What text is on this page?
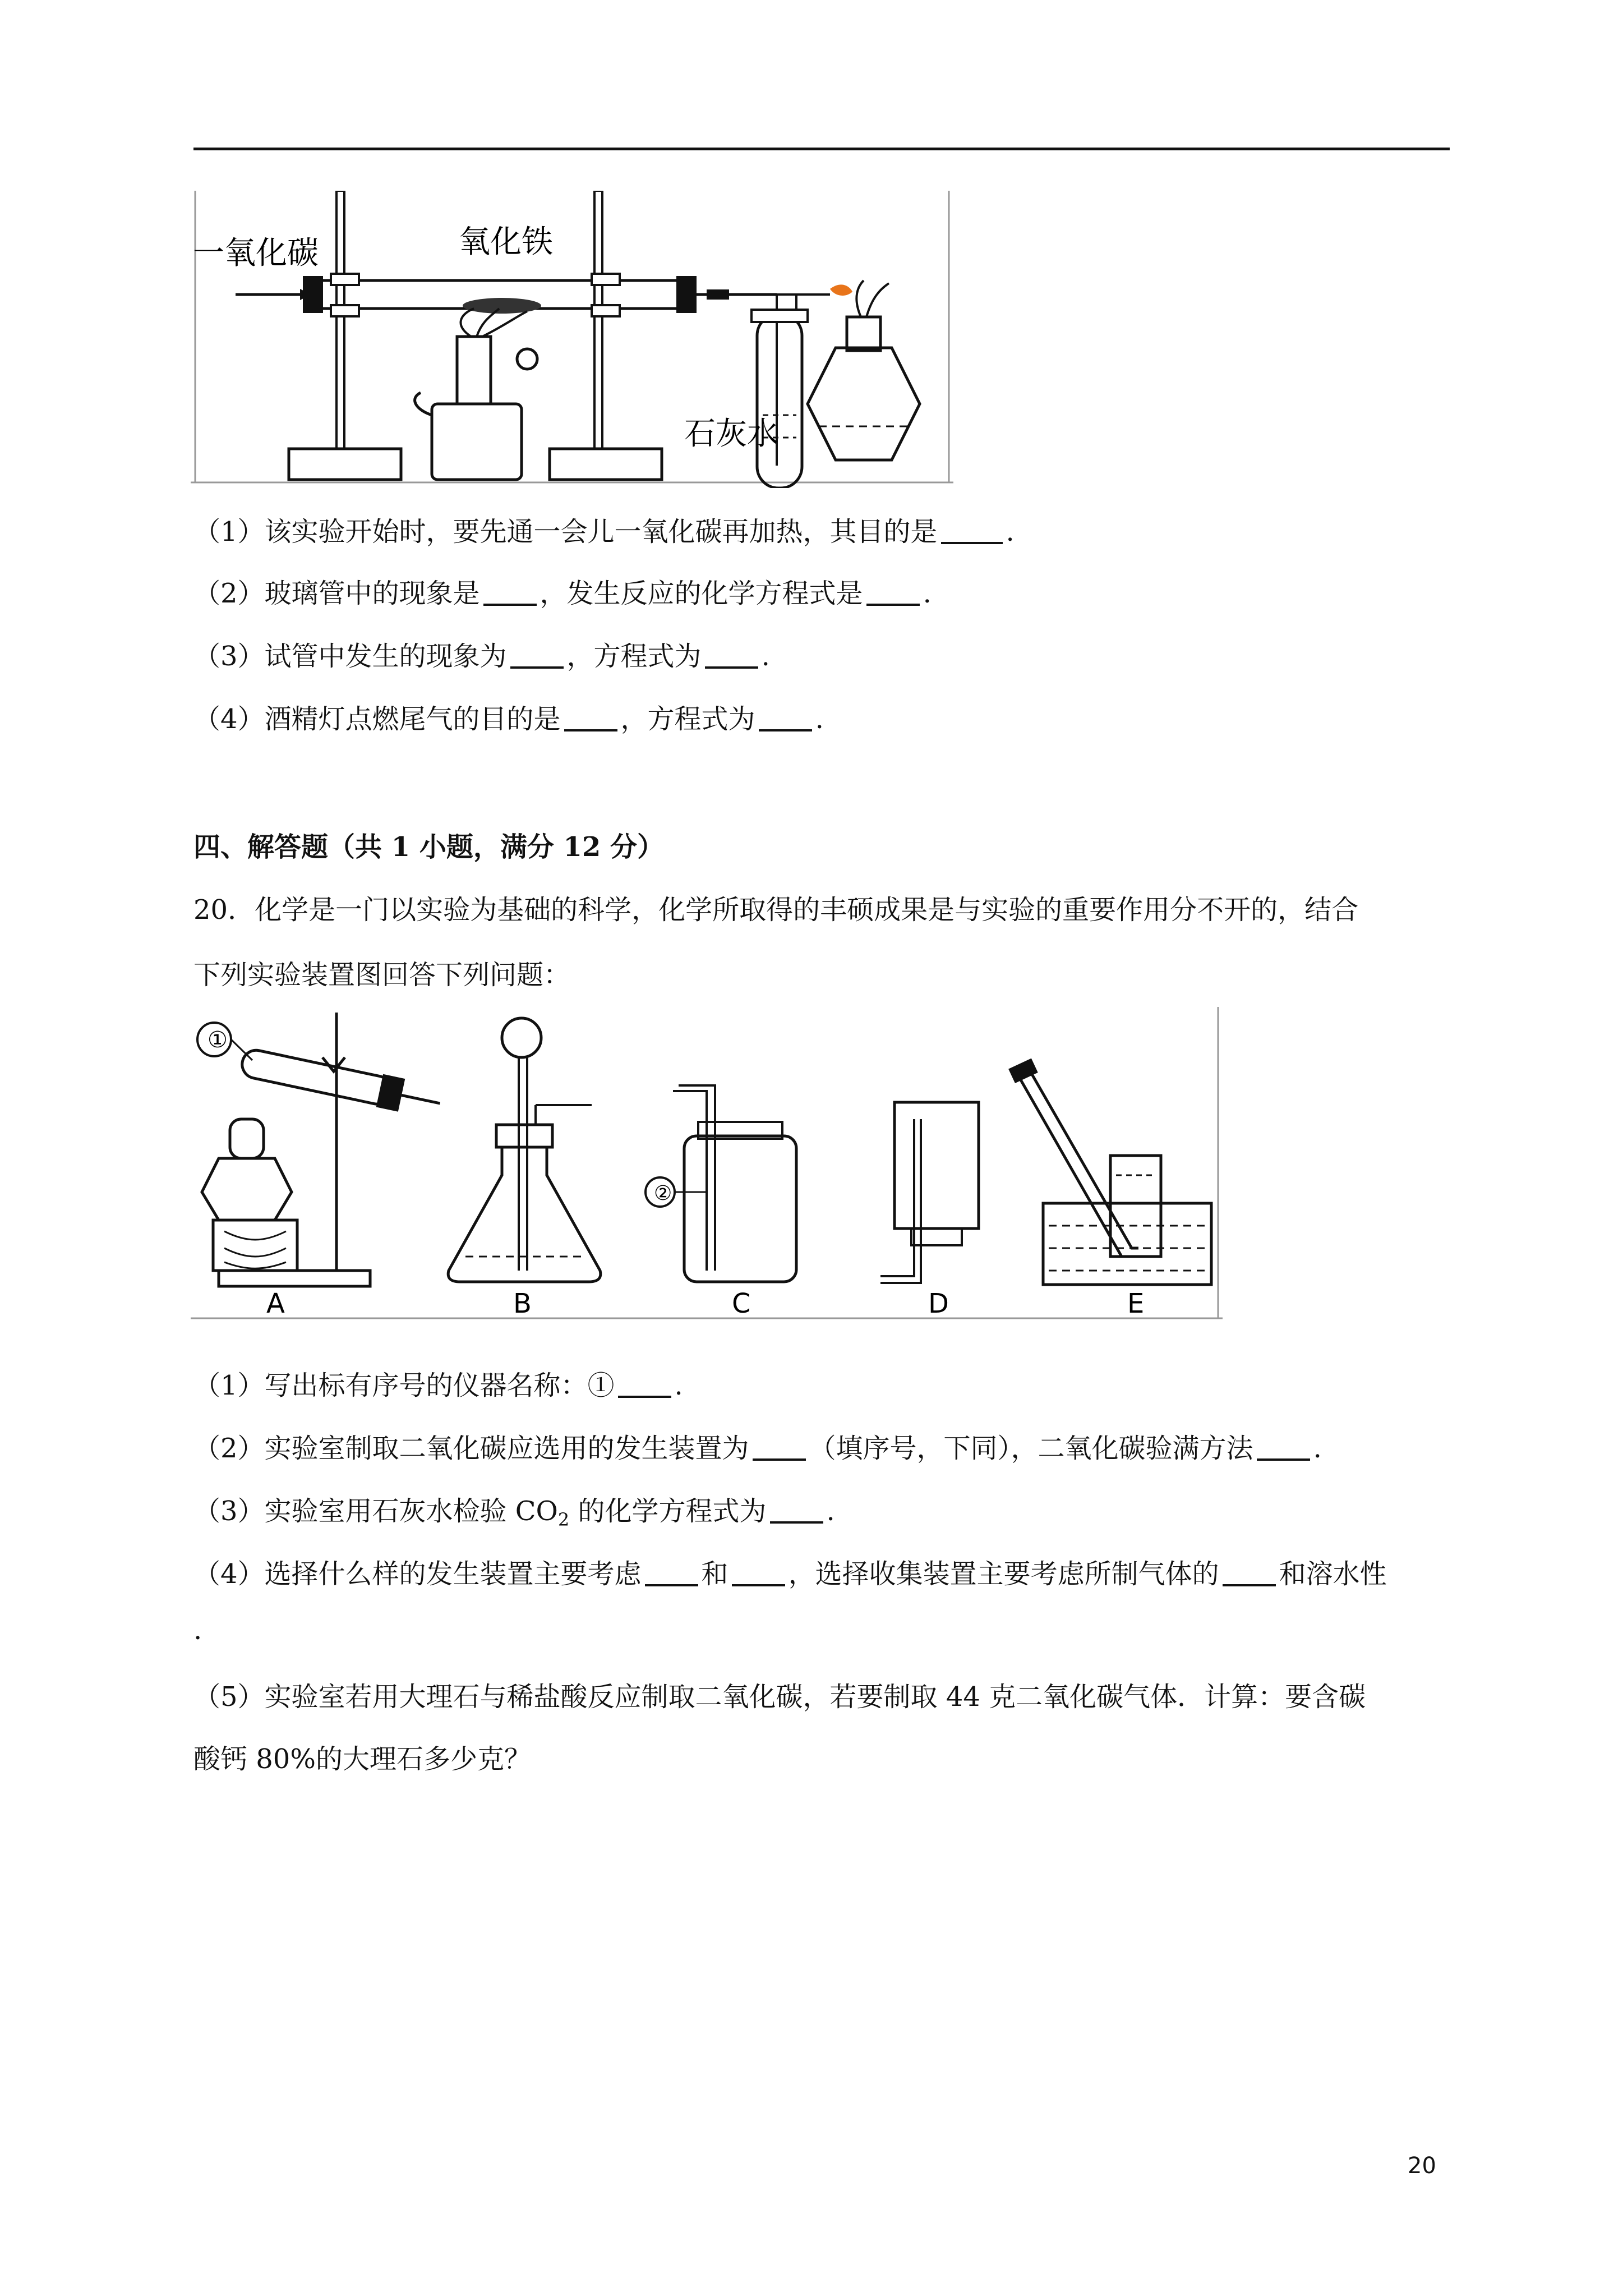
一氧化碳	氧化铁
石灰水
（1）该实验开始时，要先通一会儿一氧化碳再加热，其目的是	.
（2）玻璃管中的现象是 ，发生反应的化学方程式是 .
（3）试管中发生的现象为 ，方程式为 .
（4）酒精灯点燃尾气的目的是 ，方程式为 .
四、解答题（共 1 小题，满分 12 分）
20．化学是一门以实验为基础的科学，化学所取得的丰硕成果是与实验的重要作用分不开的，结合
下列实验装置图回答下列问题：
①
②
A	B	C	D	E
（1）写出标有序号的仪器名称：① .
（2）实验室制取二氧化碳应选用的发生装置为 （填序号，下同），二氧化碳验满方法 .
（3）实验室用石灰水检验 $CO_2$ 的化学方程式为 .
（4）选择什么样的发生装置主要考虑 和 ，选择收集装置主要考虑所制气体的 和溶水性
.
（5）实验室若用大理石与稀盐酸反应制取二氧化碳，若要制取 44 克二氧化碳气体．计算：要含碳
酸钙 80%的大理石多少克？
20
